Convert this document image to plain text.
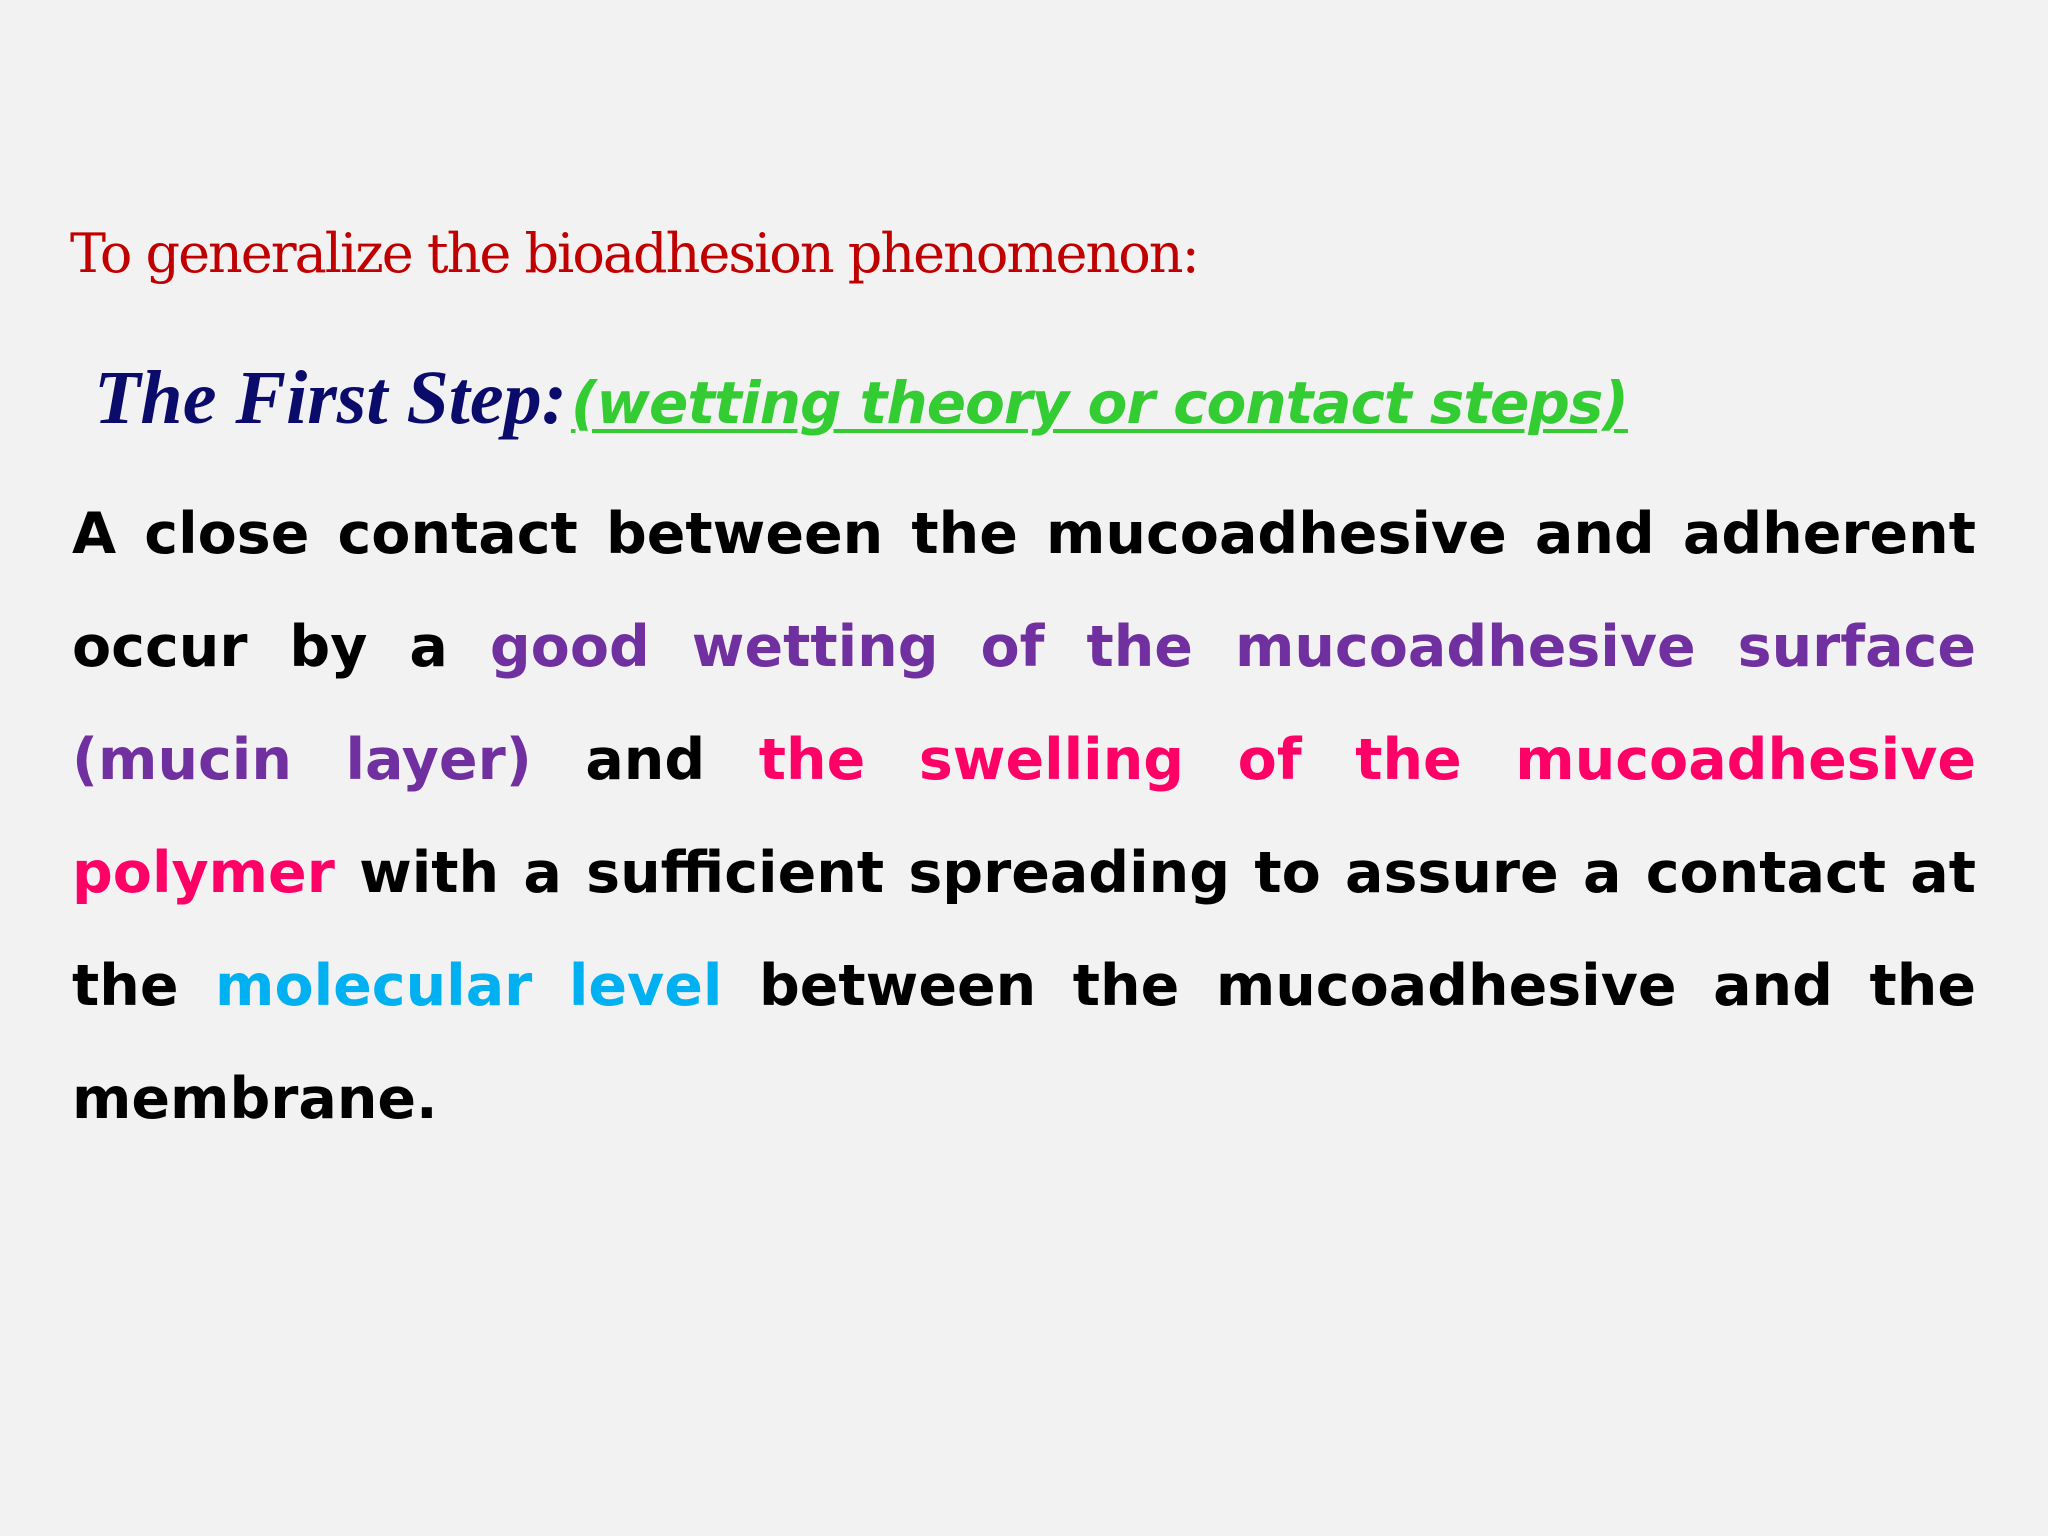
To generalize the bioadhesion phenomenon:

The First Step: (wetting theory or contact steps)

A close contact between the mucoadhesive and adherent occur by a good wetting of the mucoadhesive surface (mucin layer) and the swelling of the mucoadhesive polymer with a sufficient spreading to assure a contact at the molecular level between the mucoadhesive and the membrane.
